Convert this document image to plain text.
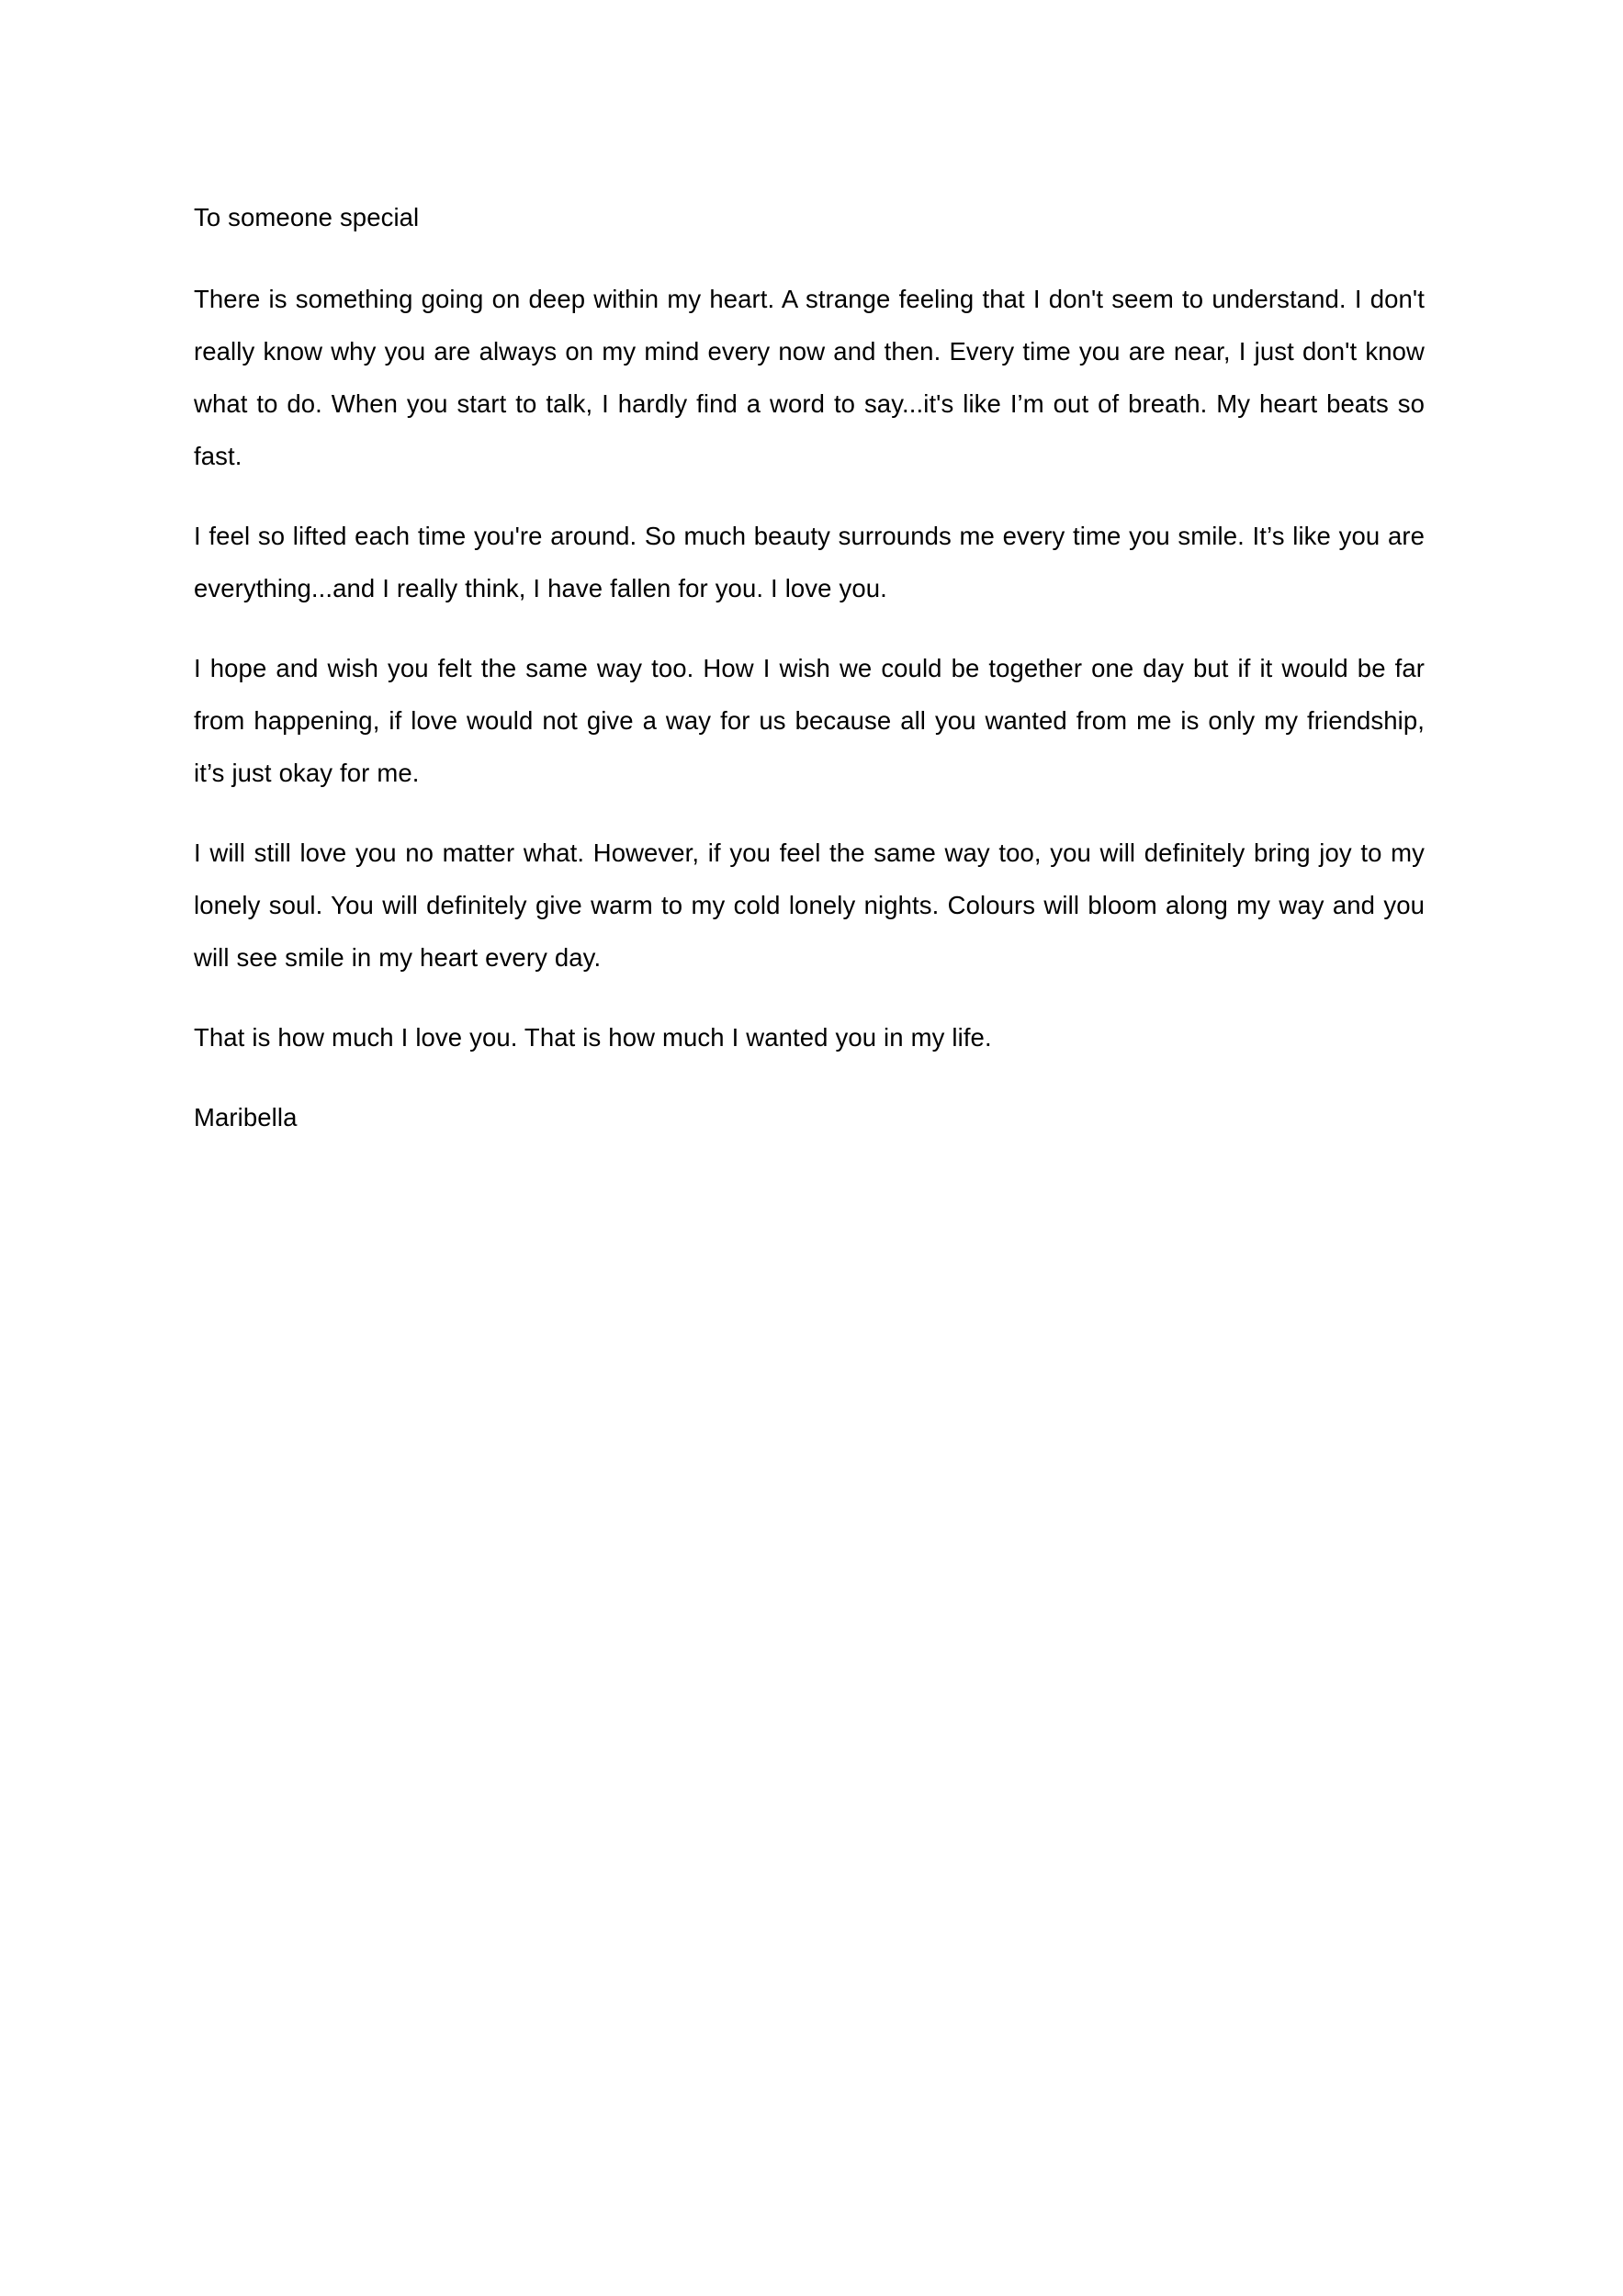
To someone special

There is something going on deep within my heart. A strange feeling that I don't seem to understand. I don't really know why you are always on my mind every now and then. Every time you are near, I just don't know what to do. When you start to talk, I hardly find a word to say...it's like I’m out of breath. My heart beats so fast.

I feel so lifted each time you're around. So much beauty surrounds me every time you smile. It’s like you are everything...and I really think, I have fallen for you. I love you.

I hope and wish you felt the same way too. How I wish we could be together one day but if it would be far from happening, if love would not give a way for us because all you wanted from me is only my friendship, it’s just okay for me.

I will still love you no matter what. However, if you feel the same way too, you will definitely bring joy to my lonely soul. You will definitely give warm to my cold lonely nights. Colours will bloom along my way and you will see smile in my heart every day.

That is how much I love you. That is how much I wanted you in my life.

Maribella
